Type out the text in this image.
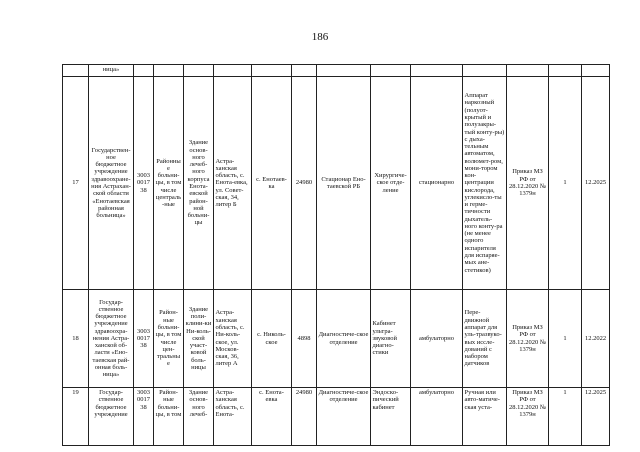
186
	ница»													
17	Государствен-ное бюджетное учреждение здравоохране-ния Астрахан-ской области «Енотаевская районная больница»	3003001738	Районные больни-цы, в том числе централь-ные	Здание основ-ного лечеб-ного корпуса Енота-евской район-ной больни-цы	Астра-ханская область, с. Енота-евка, ул. Совет-ская, 34, литер Б	с. Енотаев-ка	24980	Стационар Ено-таевской РБ	Хирургиче-ское отде-ление	стационарно	Аппарат наркозный (полуот-крытый и полузакры-тый конту-ры) с дыха-тельным автоматом, волюмет-ром, мони-тором кон-центрации кислорода, углекисло-ты и герме-тичности дыхатель-ного конту-ра (не менее одного испарителя для испаряе-мых ане-стетиков)	Приказ МЗ РФ от 28.12.2020 № 1379н	1	12.2025
18	Государ-ственное бюджетное учреждение здравоохра-нения Астра-ханской об-ласти «Ено-таевская рай-онная боль-ница»	3003001738	Район-ные больни-цы, в том числе цен-тральные	Здание поли-клини-ки Ни-коль-ской участ-ковой боль-ницы	Астра-ханская область, с. Ни-коль-ское, ул. Москов-ская, 36, литер А	с. Николь-ское	4898	Диагностиче-ское отделение	Кабинет ультра-звуковой диагно-стики	амбулаторно	Пере-движной аппарат для уль-тразвуко-вых иссле-дований с набором датчиков	Приказ МЗ РФ от 28.12.2020 № 1379н	1	12.2022
19	Государ-ственное бюджетное учреждение	3003001738	Район-ные больни-цы, в том	Здание основ-ного лечеб-	Астра-ханская область, с. Енота-	с. Енота-евка	24980	Диагностиче-ское отделение	Эндоско-пический кабинет	амбулаторно	Ручная или авто-матиче-ская уста-	Приказ МЗ РФ от 28.12.2020 № 1379н	1	12.2025
